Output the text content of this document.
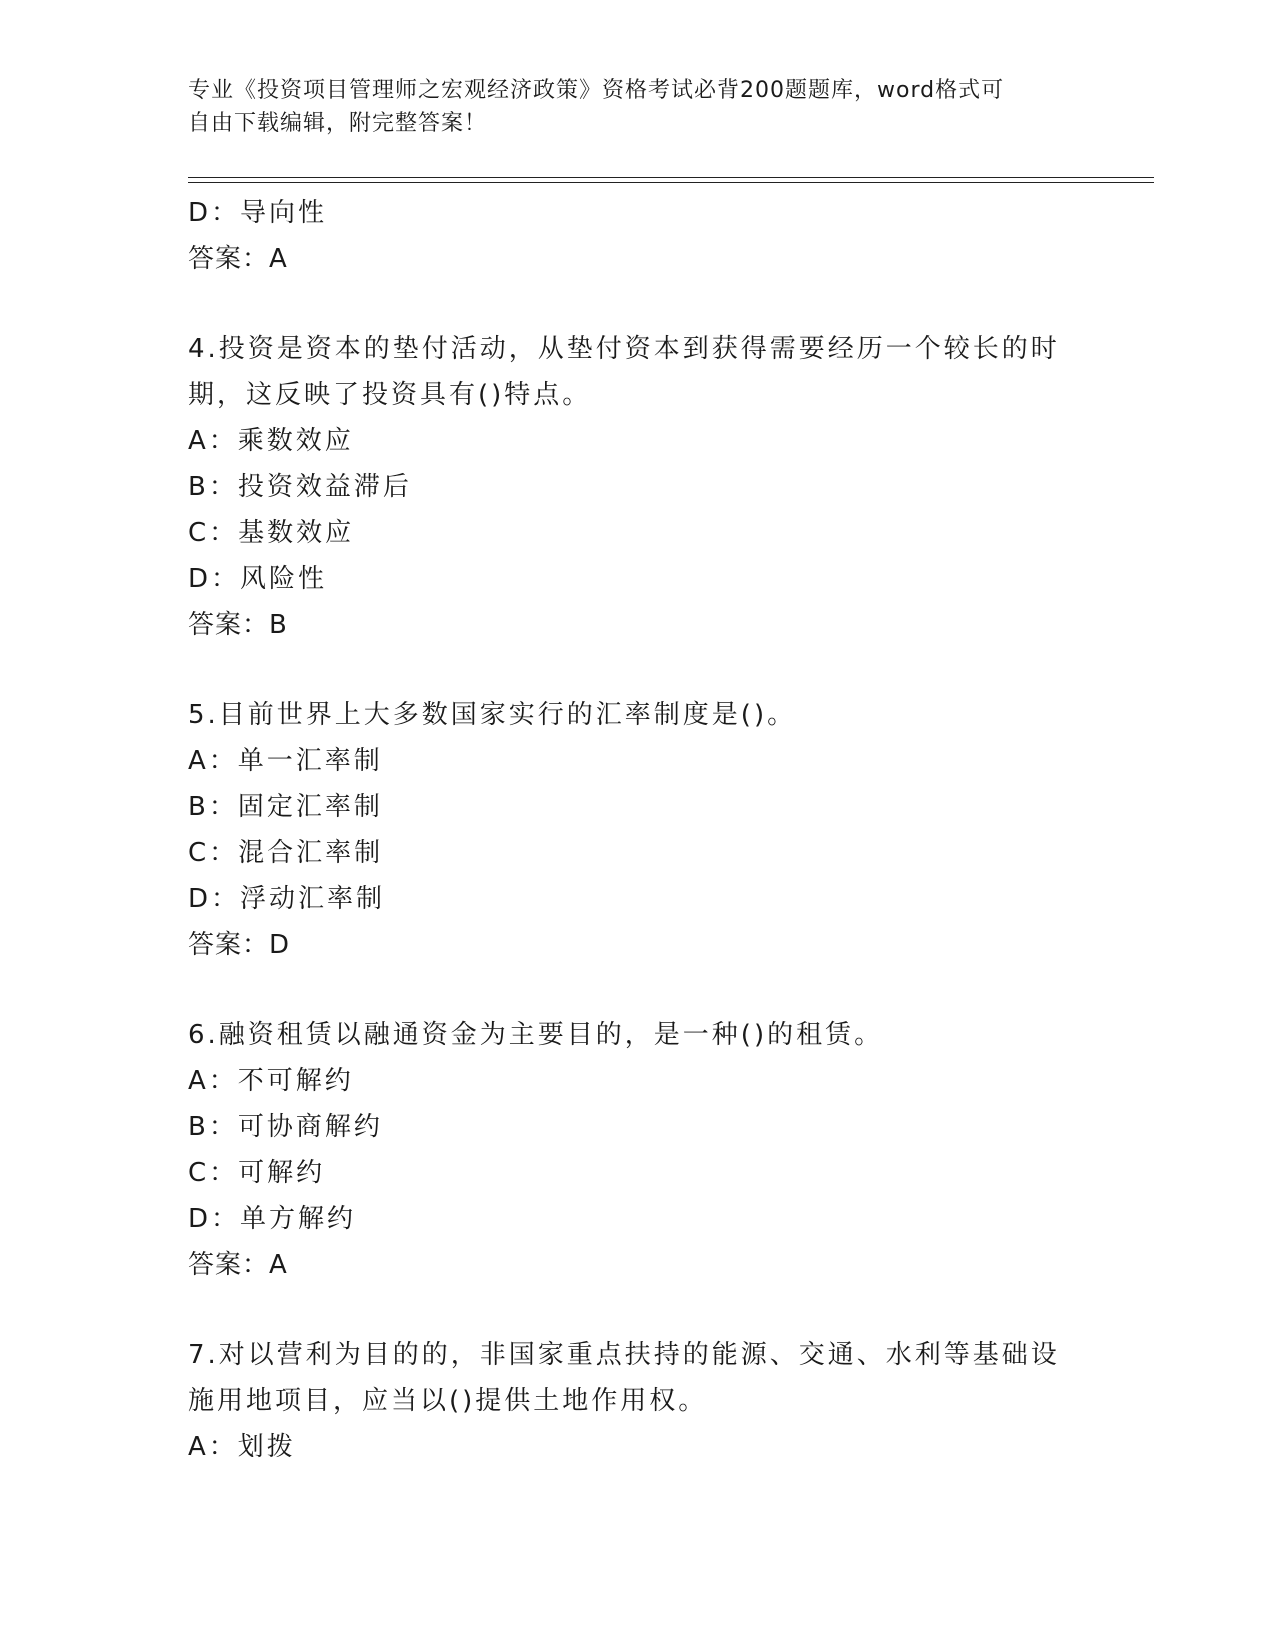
专业《投资项目管理师之宏观经济政策》资格考试必背200题题库，word格式可
自由下载编辑，附完整答案！
D：导向性
答案：A
4.投资是资本的垫付活动，从垫付资本到获得需要经历一个较长的时
期，这反映了投资具有()特点。
A：乘数效应
B：投资效益滞后
C：基数效应
D：风险性
答案：B
5.目前世界上大多数国家实行的汇率制度是()。
A：单一汇率制
B：固定汇率制
C：混合汇率制
D：浮动汇率制
答案：D
6.融资租赁以融通资金为主要目的，是一种()的租赁。
A：不可解约
B：可协商解约
C：可解约
D：单方解约
答案：A
7.对以营利为目的的，非国家重点扶持的能源、交通、水利等基础设
施用地项目，应当以()提供土地作用权。
A：划拨
